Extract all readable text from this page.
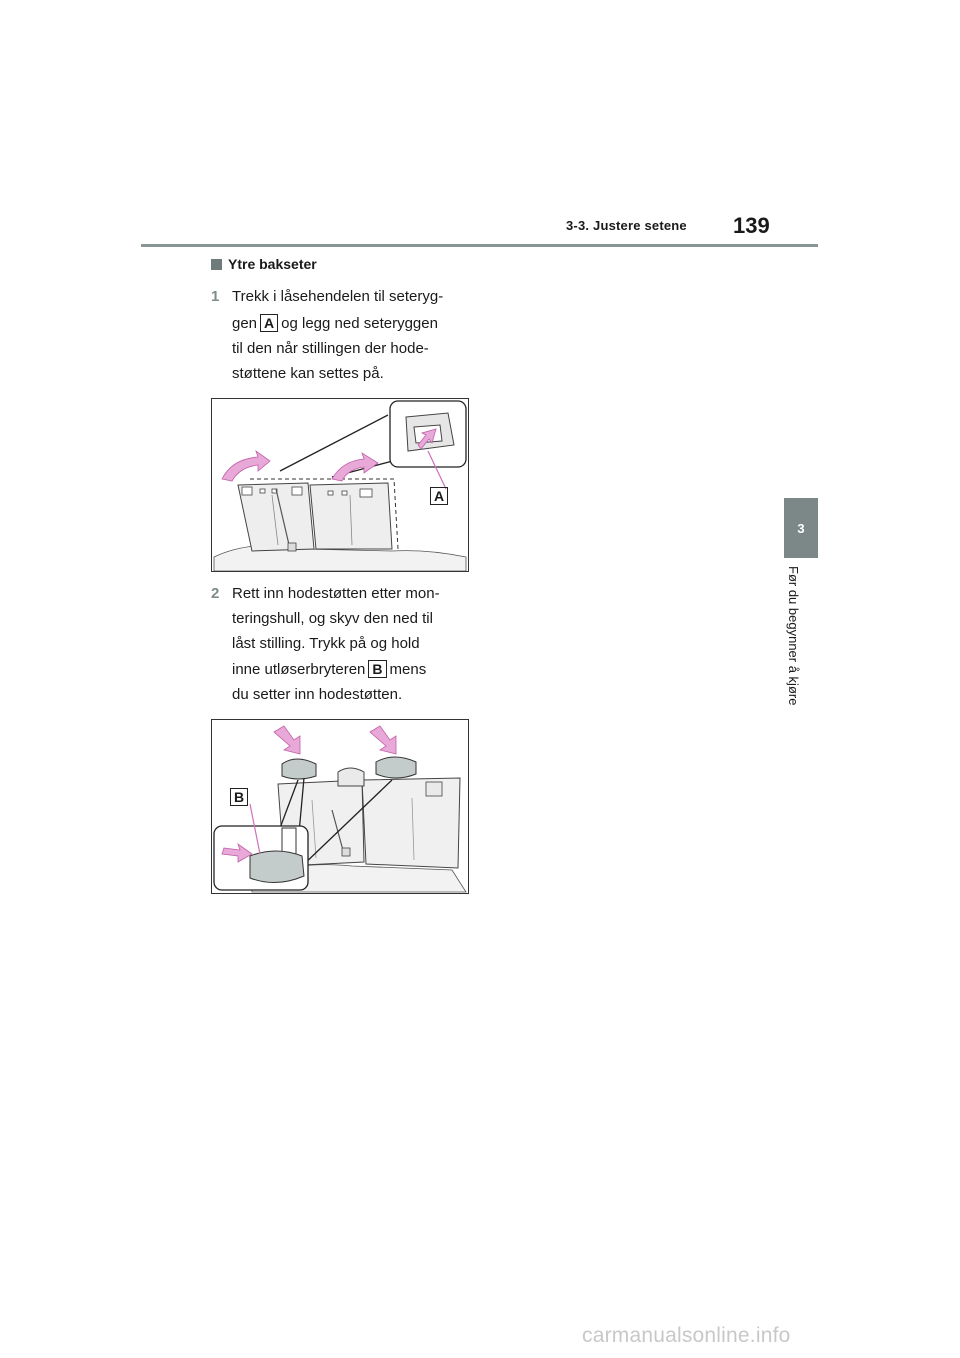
3-3. Justere setene 139
3
Før du begynner å kjøre
Ytre bakseter
1 Trekk i låsehendelen til seteryg-
gen A og legg ned seteryggen
til den når stillingen der hode-
støttene kan settes på.
A
2 Rett inn hodestøtten etter mon-
teringshull, og skyv den ned til
låst stilling. Trykk på og hold
inne utløserbryteren B mens
du setter inn hodestøtten.
B
carmanualsonline.info
